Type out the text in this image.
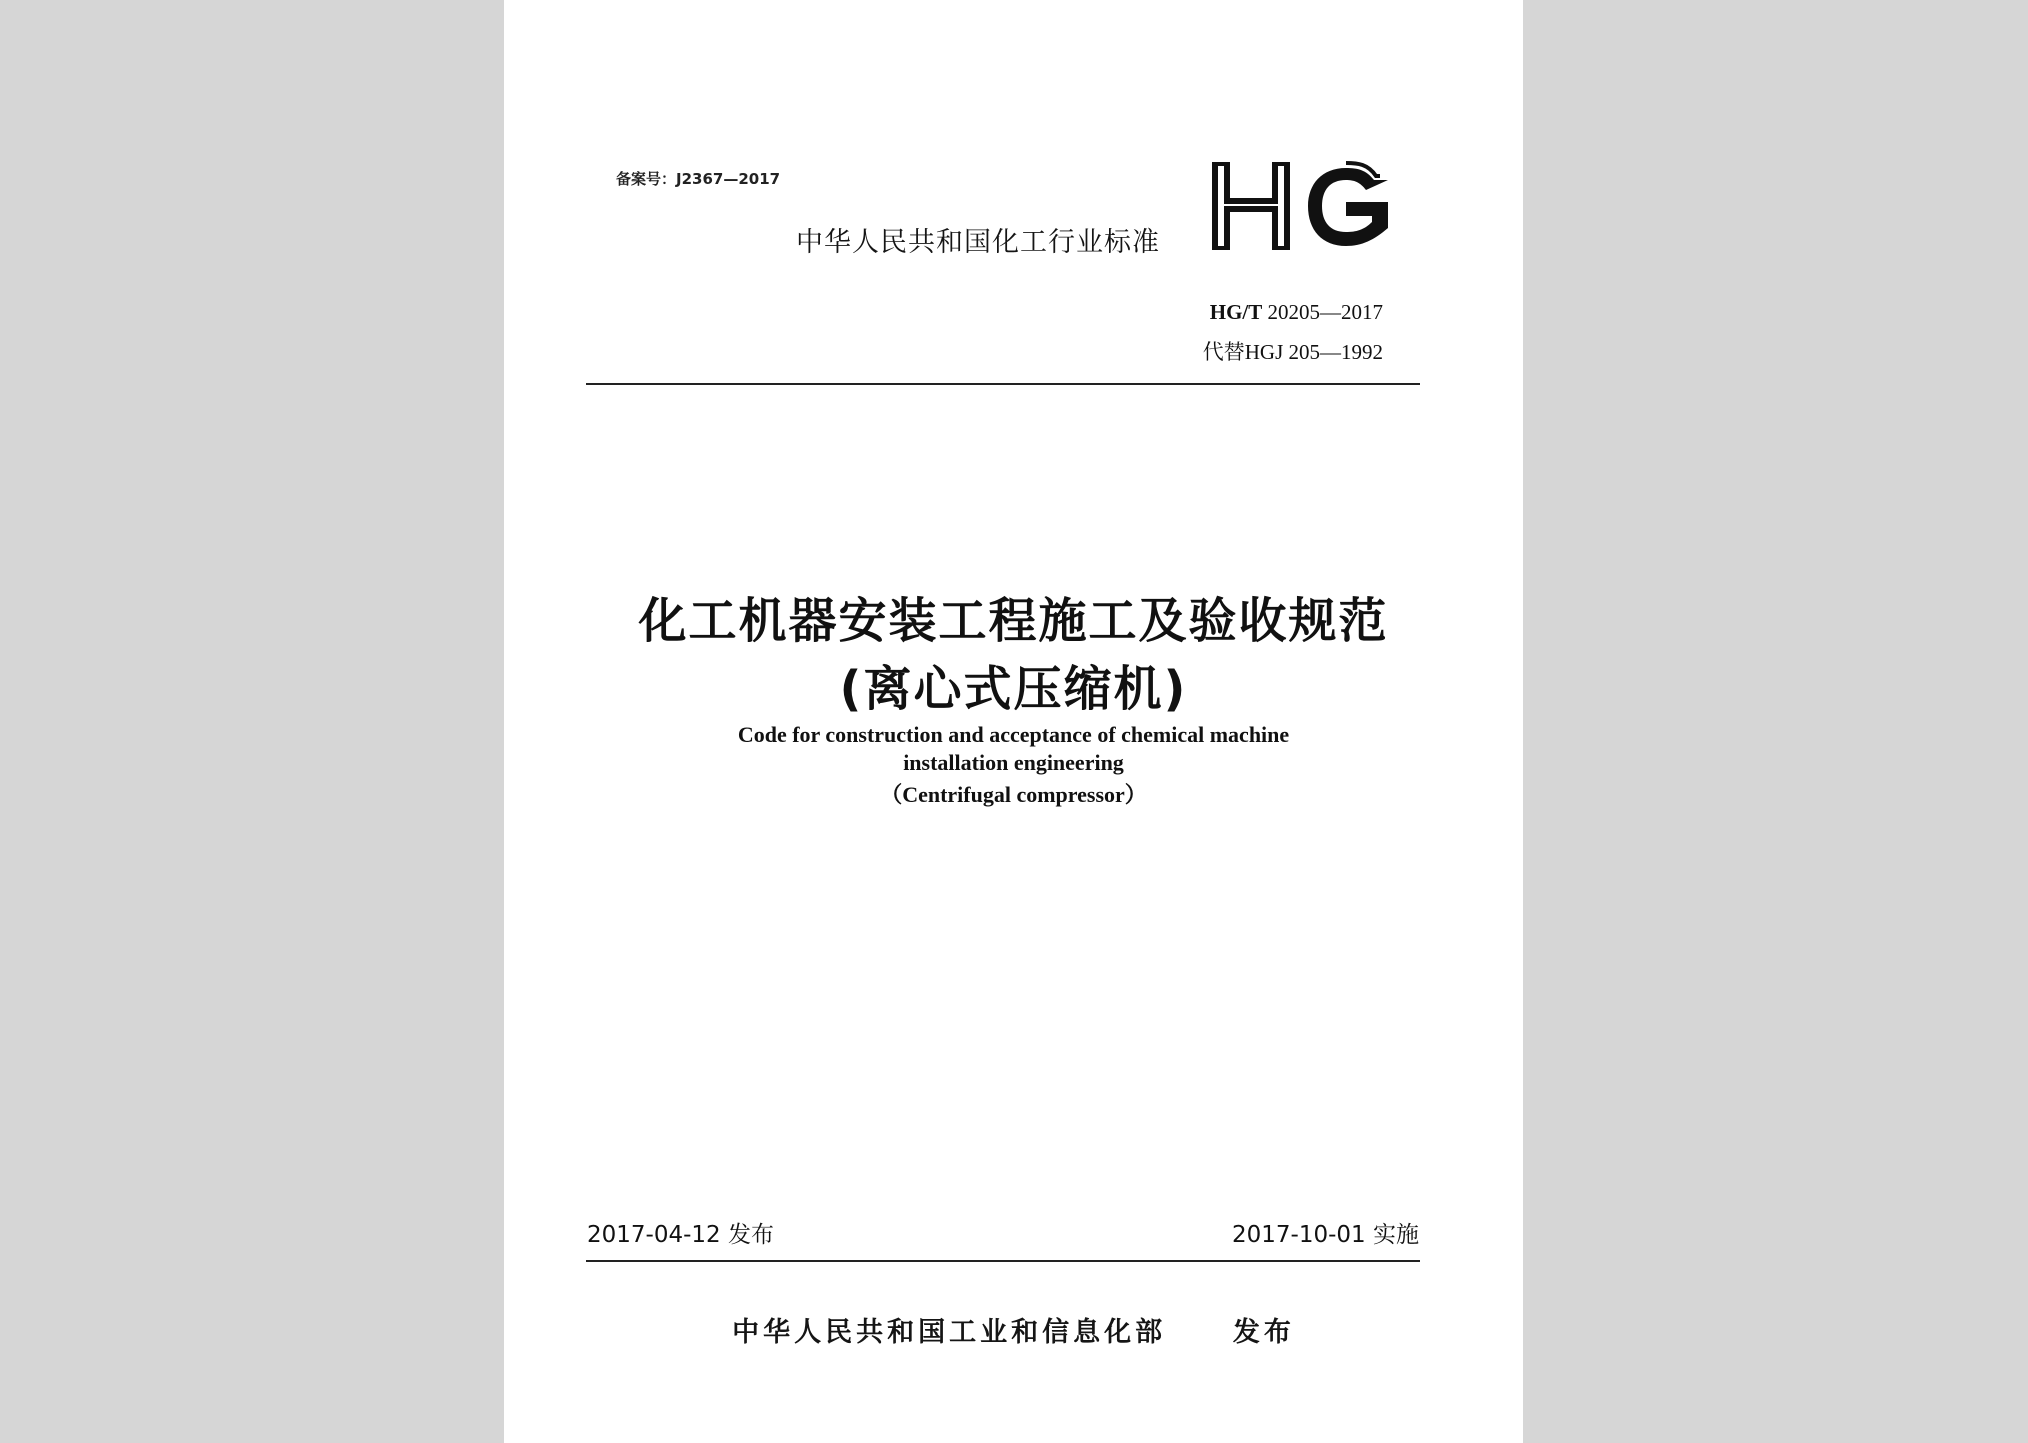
备案号：J2367—2017
中华人民共和国化工行业标准
HG/T 20205—2017
代替HGJ 205—1992
化工机器安装工程施工及验收规范
(离心式压缩机)
Code for construction and acceptance of chemical machine
installation engineering
（Centrifugal compressor）
2017-04-12 发布	2017-10-01 实施
中华人民共和国工业和信息化部 发布
